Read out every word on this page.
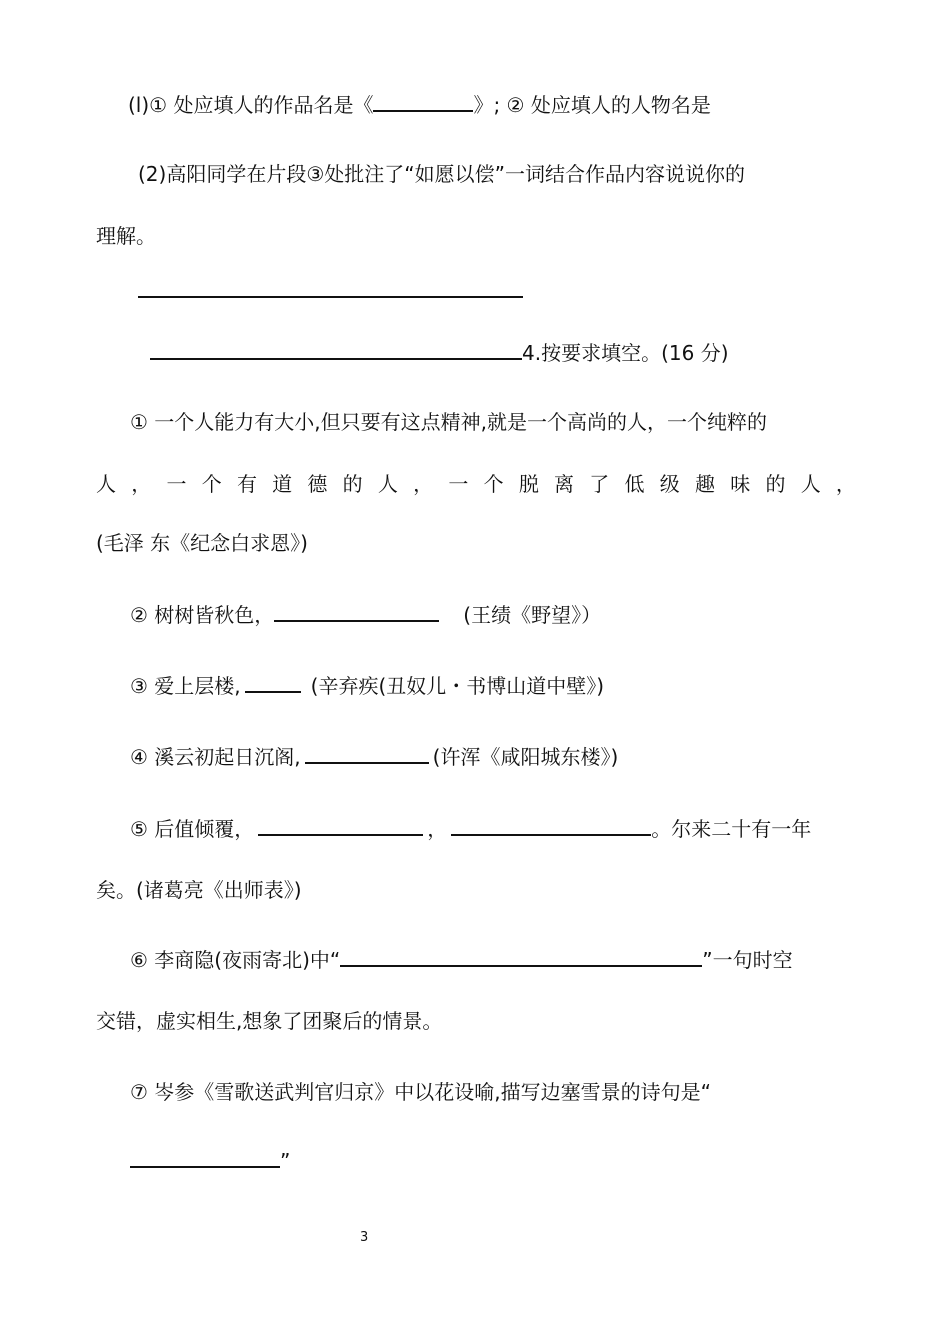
(l)① 处应填人的作品名是《	》; ② 处应填人的人物名是
(2)高阳同学在片段③处批注了“如愿以偿”一词结合作品内容说说你的
理解。
4.按要求填空。(16 分)
① 一个人能力有大小,但只要有这点精神,就是一个高尚的人，一个纯粹的
人 ， 一 个 有 道 德 的 人 ， 一 个 脱 离 了 低 级 趣 味 的 人 ，
(毛泽 东《纪念白求恩》)
② 树树皆秋色，	(王绩《野望》）
③ 爱上层楼,	(辛弃疾(丑奴儿・书博山道中壁》)
④ 溪云初起日沉阁,	(许浑《咸阳城东楼》)
⑤ 后值倾覆，	，	。尔来二十有一年
矣。(诸葛亮《出师表》)
⑥ 李商隐(夜雨寄北)中“	”一句时空
交错，虚实相生,想象了团聚后的情景。
⑦ 岑参《雪歌送武判官归京》中以花设喻,描写边塞雪景的诗句是“
”
3
